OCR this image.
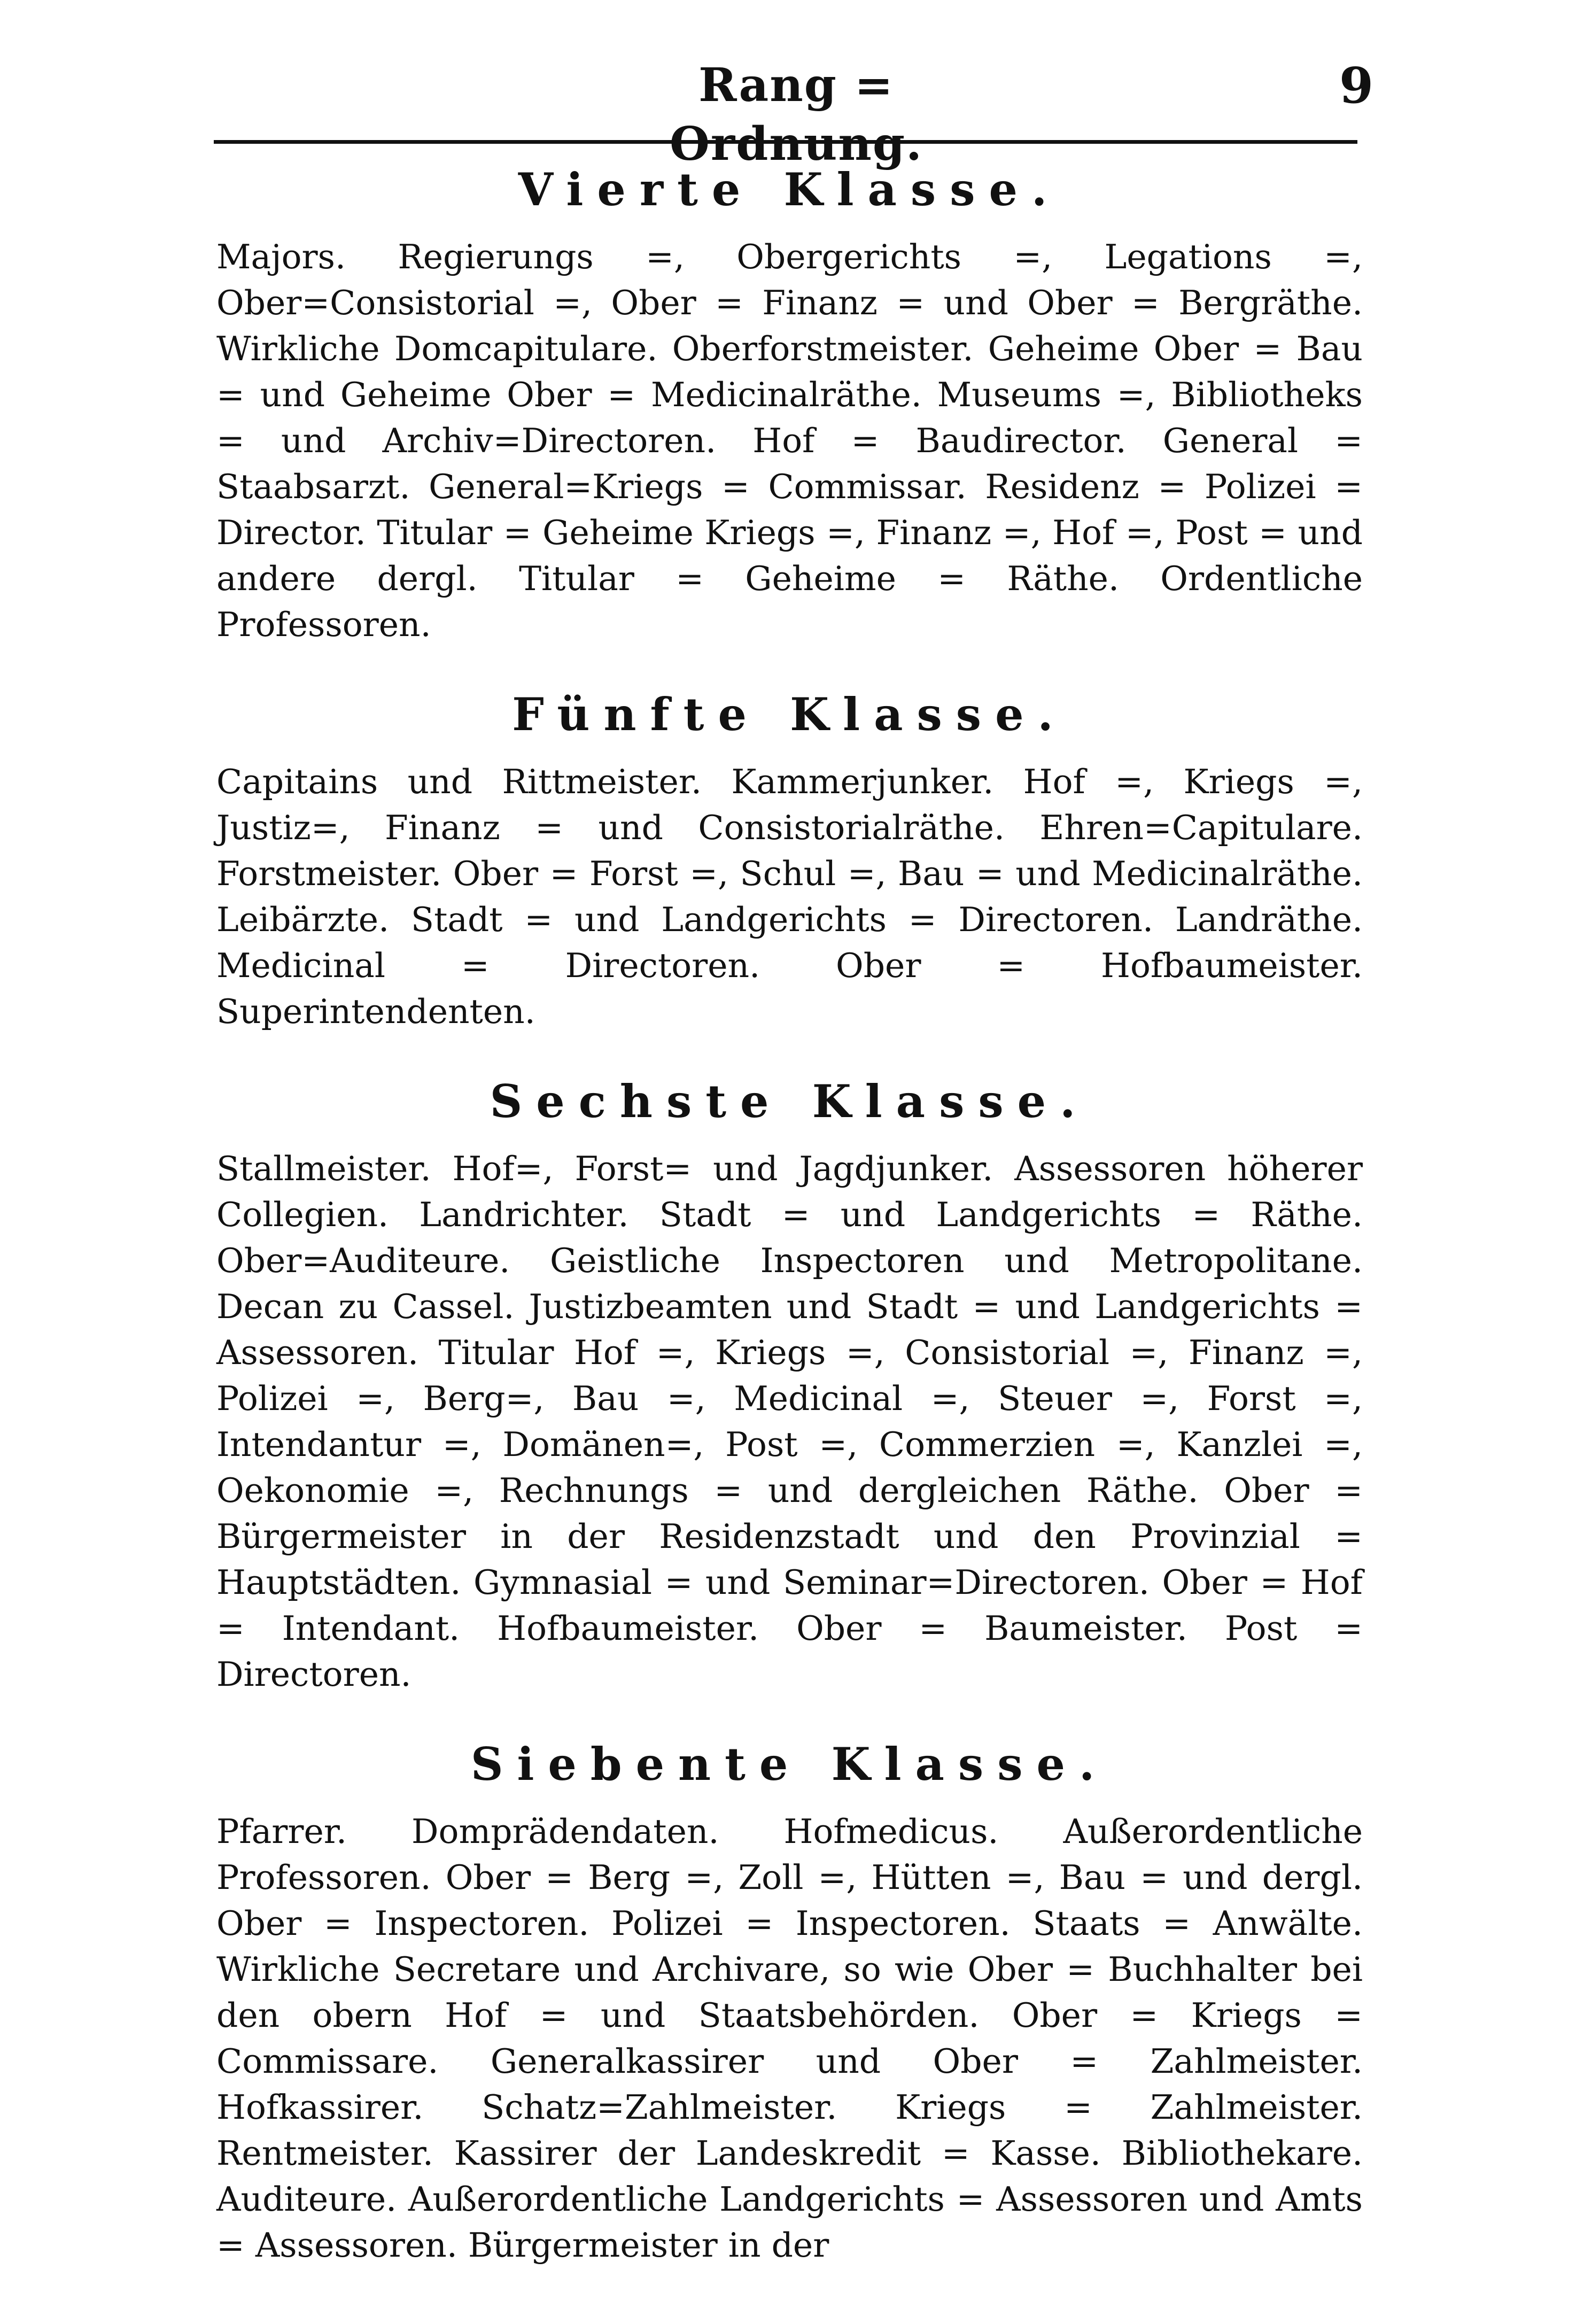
Rang = Ordnung.
9
Vierte Klasse.

Majors. Regierungs =, Obergerichts =, Legations =, Ober=Consistorial =, Ober = Finanz = und Ober = Bergräthe. Wirkliche Domcapitulare. Oberforstmeister. Geheime Ober = Bau = und Geheime Ober = Medicinalräthe. Museums =, Bibliotheks = und Archiv=Directoren. Hof = Baudirector. General = Staabsarzt. General=Kriegs = Commissar. Residenz = Polizei = Director. Titular = Geheime Kriegs =, Finanz =, Hof =, Post = und andere dergl. Titular = Geheime = Räthe. Ordentliche Professoren.

Fünfte Klasse.

Capitains und Rittmeister. Kammerjunker. Hof =, Kriegs =, Justiz=, Finanz = und Consistorialräthe. Ehren=Capitulare. Forstmeister. Ober = Forst =, Schul =, Bau = und Medicinalräthe. Leibärzte. Stadt = und Landgerichts = Directoren. Landräthe. Medicinal = Directoren. Ober = Hofbaumeister. Superintendenten.

Sechste Klasse.

Stallmeister. Hof=, Forst= und Jagdjunker. Assessoren höherer Collegien. Landrichter. Stadt = und Landgerichts = Räthe. Ober=Auditeure. Geistliche Inspectoren und Metropolitane. Decan zu Cassel. Justizbeamten und Stadt = und Landgerichts = Assessoren. Titular Hof =, Kriegs =, Consistorial =, Finanz =, Polizei =, Berg=, Bau =, Medicinal =, Steuer =, Forst =, Intendantur =, Domänen=, Post =, Commerzien =, Kanzlei =, Oekonomie =, Rechnungs = und dergleichen Räthe. Ober = Bürgermeister in der Residenzstadt und den Provinzial = Hauptstädten. Gymnasial = und Seminar=Directoren. Ober = Hof = Intendant. Hofbaumeister. Ober = Baumeister. Post = Directoren.

Siebente Klasse.

Pfarrer. Domprädendaten. Hofmedicus. Außerordentliche Professoren. Ober = Berg =, Zoll =, Hütten =, Bau = und dergl. Ober = Inspectoren. Polizei = Inspectoren. Staats = Anwälte. Wirkliche Secretare und Archivare, so wie Ober = Buchhalter bei den obern Hof = und Staatsbehörden. Ober = Kriegs = Commissare. Generalkassirer und Ober = Zahlmeister. Hofkassirer. Schatz=Zahlmeister. Kriegs = Zahlmeister. Rentmeister. Kassirer der Landeskredit = Kasse. Bibliothekare. Auditeure. Außerordentliche Landgerichts = Assessoren und Amts = Assessoren. Bürgermeister in der
